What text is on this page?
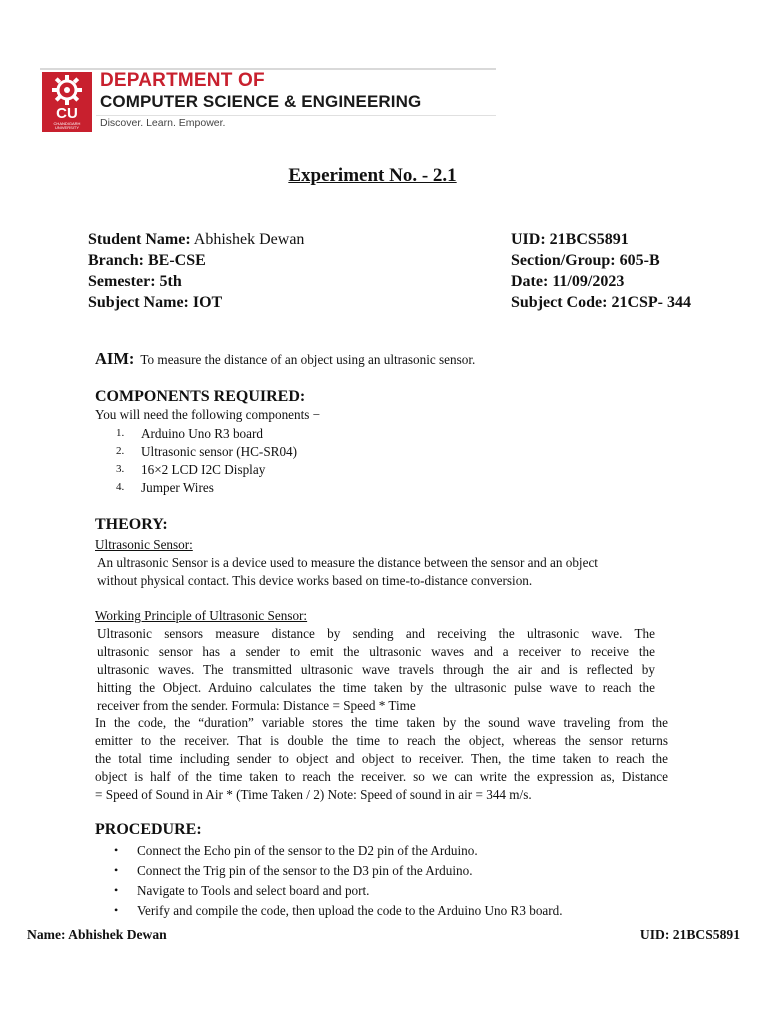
CU
CHANDIGARH UNIVERSITY
DEPARTMENT OF
COMPUTER SCIENCE & ENGINEERING
Discover. Learn. Empower.
Experiment No. - 2.1
Student Name: Abhishek Dewan
Branch: BE-CSE
Semester: 5th
Subject Name: IOT
UID: 21BCS5891
Section/Group: 605-B
Date: 11/09/2023
Subject Code: 21CSP- 344
AIM: To measure the distance of an object using an ultrasonic sensor.
COMPONENTS REQUIRED:
You will need the following components −
1. Arduino Uno R3 board
2. Ultrasonic sensor (HC-SR04)
3. 16×2 LCD I2C Display
4. Jumper Wires
THEORY:
Ultrasonic Sensor:
An ultrasonic Sensor is a device used to measure the distance between the sensor and an object
without physical contact. This device works based on time-to-distance conversion.
Working Principle of Ultrasonic Sensor:
Ultrasonic sensors measure distance by sending and receiving the ultrasonic wave. The
ultrasonic sensor has a sender to emit the ultrasonic waves and a receiver to receive the
ultrasonic waves. The transmitted ultrasonic wave travels through the air and is reflected by
hitting the Object. Arduino calculates the time taken by the ultrasonic pulse wave to reach the
receiver from the sender. Formula: Distance = Speed * Time
In the code, the “duration” variable stores the time taken by the sound wave traveling from the
emitter to the receiver. That is double the time to reach the object, whereas the sensor returns
the total time including sender to object and object to receiver. Then, the time taken to reach the
object is half of the time taken to reach the receiver. so we can write the expression as, Distance
= Speed of Sound in Air * (Time Taken / 2) Note: Speed of sound in air = 344 m/s.
PROCEDURE:
• Connect the Echo pin of the sensor to the D2 pin of the Arduino.
• Connect the Trig pin of the sensor to the D3 pin of the Arduino.
• Navigate to Tools and select board and port.
• Verify and compile the code, then upload the code to the Arduino Uno R3 board.
Name: Abhishek Dewan	UID: 21BCS5891
